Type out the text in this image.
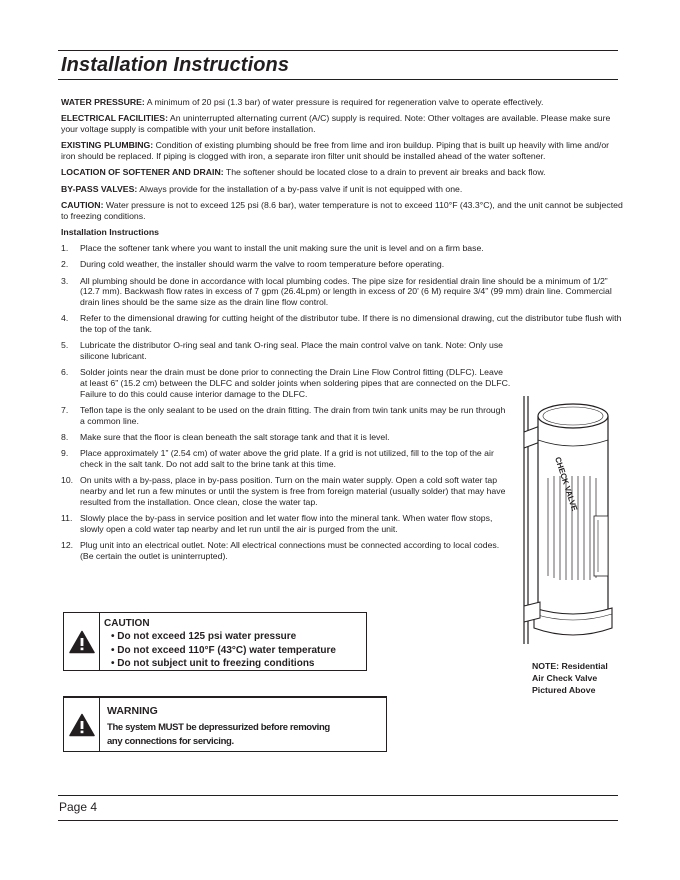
Installation Instructions

WATER PRESSURE: A minimum of 20 psi (1.3 bar) of water pressure is required for regeneration valve to operate effectively.

ELECTRICAL FACILITIES: An uninterrupted alternating current (A/C) supply is required. Note: Other voltages are available. Please make sure your voltage supply is compatible with your unit before installation.

EXISTING PLUMBING: Condition of existing plumbing should be free from lime and iron buildup. Piping that is built up heavily with lime and/or iron should be replaced. If piping is clogged with iron, a separate iron filter unit should be installed ahead of the water softener.

LOCATION OF SOFTENER AND DRAIN: The softener should be located close to a drain to prevent air breaks and back flow.

BY-PASS VALVES: Always provide for the installation of a by-pass valve if unit is not equipped with one.

CAUTION: Water pressure is not to exceed 125 psi (8.6 bar), water temperature is not to exceed 110°F (43.3°C), and the unit cannot be subjected to freezing conditions.

Installation Instructions

1. Place the softener tank where you want to install the unit making sure the unit is level and on a firm base.
2. During cold weather, the installer should warm the valve to room temperature before operating.
3. All plumbing should be done in accordance with local plumbing codes. The pipe size for residential drain line should be a minimum of 1/2” (12.7 mm). Backwash flow rates in excess of 7 gpm (26.4Lpm) or length in excess of 20’ (6 M) require 3/4” (99 mm) drain line. Commercial drain lines should be the same size as the drain line flow control.
4. Refer to the dimensional drawing for cutting height of the distributor tube. If there is no dimensional drawing, cut the distributor tube flush with the top of the tank.
5. Lubricate the distributor O-ring seal and tank O-ring seal. Place the main control valve on tank. Note: Only use silicone lubricant.
6. Solder joints near the drain must be done prior to connecting the Drain Line Flow Control fitting (DLFC). Leave at least 6” (15.2 cm) between the DLFC and solder joints when soldering pipes that are connected on the DLFC. Failure to do this could cause interior damage to the DLFC.
7. Teflon tape is the only sealant to be used on the drain fitting. The drain from twin tank units may be run through a common line.
8. Make sure that the floor is clean beneath the salt storage tank and that it is level.
9. Place approximately 1” (2.54 cm) of water above the grid plate. If a grid is not utilized, fill to the top of the air check in the salt tank. Do not add salt to the brine tank at this time.
10. On units with a by-pass, place in by-pass position. Turn on the main water supply. Open a cold soft water tap nearby and let run a few minutes or until the system is free from foreign material (usually solder) that may have resulted from the installation. Once clean, close the water tap.
11. Slowly place the by-pass in service position and let water flow into the mineral tank. When water flow stops, slowly open a cold water tap nearby and let run until the air is purged from the unit.
12. Plug unit into an electrical outlet. Note: All electrical connections must be connected according to local codes. (Be certain the outlet is uninterrupted).
CHECK VALVE
NOTE: Residential
Air Check Valve
Pictured Above
CAUTION
• Do not exceed 125 psi water pressure
• Do not exceed 110°F (43°C) water temperature
• Do not subject unit to freezing conditions
WARNING
The system MUST be depressurized before removing
any connections for servicing.
Page 4
